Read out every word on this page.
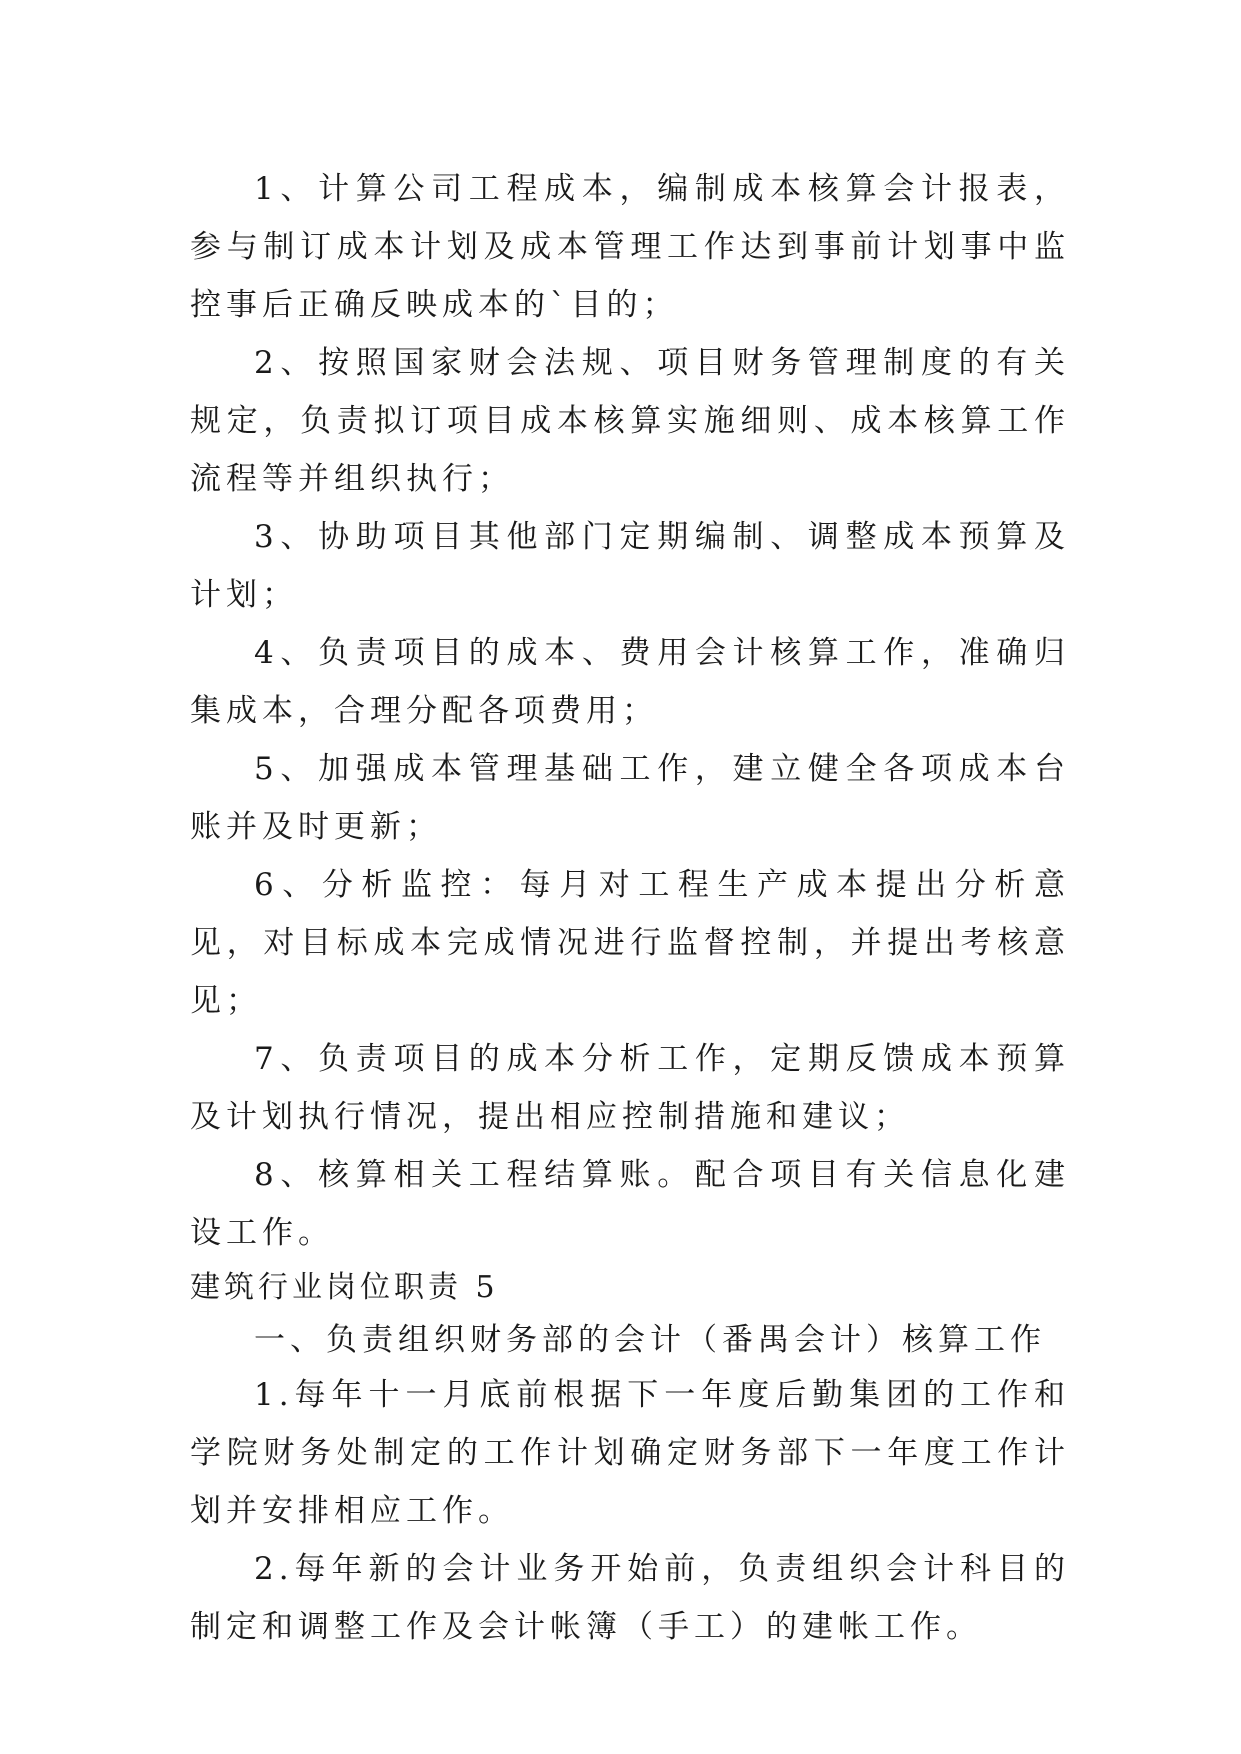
1、计算公司工程成本，编制成本核算会计报表，参与制订成本计划及成本管理工作达到事前计划事中监控事后正确反映成本的`目的；

2、按照国家财会法规、项目财务管理制度的有关规定，负责拟订项目成本核算实施细则、成本核算工作流程等并组织执行；

3、协助项目其他部门定期编制、调整成本预算及计划；

4、负责项目的成本、费用会计核算工作，准确归集成本，合理分配各项费用；

5、加强成本管理基础工作，建立健全各项成本台账并及时更新；

6、分析监控：每月对工程生产成本提出分析意见，对目标成本完成情况进行监督控制，并提出考核意见；

7、负责项目的成本分析工作，定期反馈成本预算及计划执行情况，提出相应控制措施和建议；

8、核算相关工程结算账。配合项目有关信息化建设工作。

建筑行业岗位职责 5

一、负责组织财务部的会计（番禺会计）核算工作

1.每年十一月底前根据下一年度后勤集团的工作和学院财务处制定的工作计划确定财务部下一年度工作计划并安排相应工作。

2.每年新的会计业务开始前，负责组织会计科目的制定和调整工作及会计帐簿（手工）的建帐工作。
